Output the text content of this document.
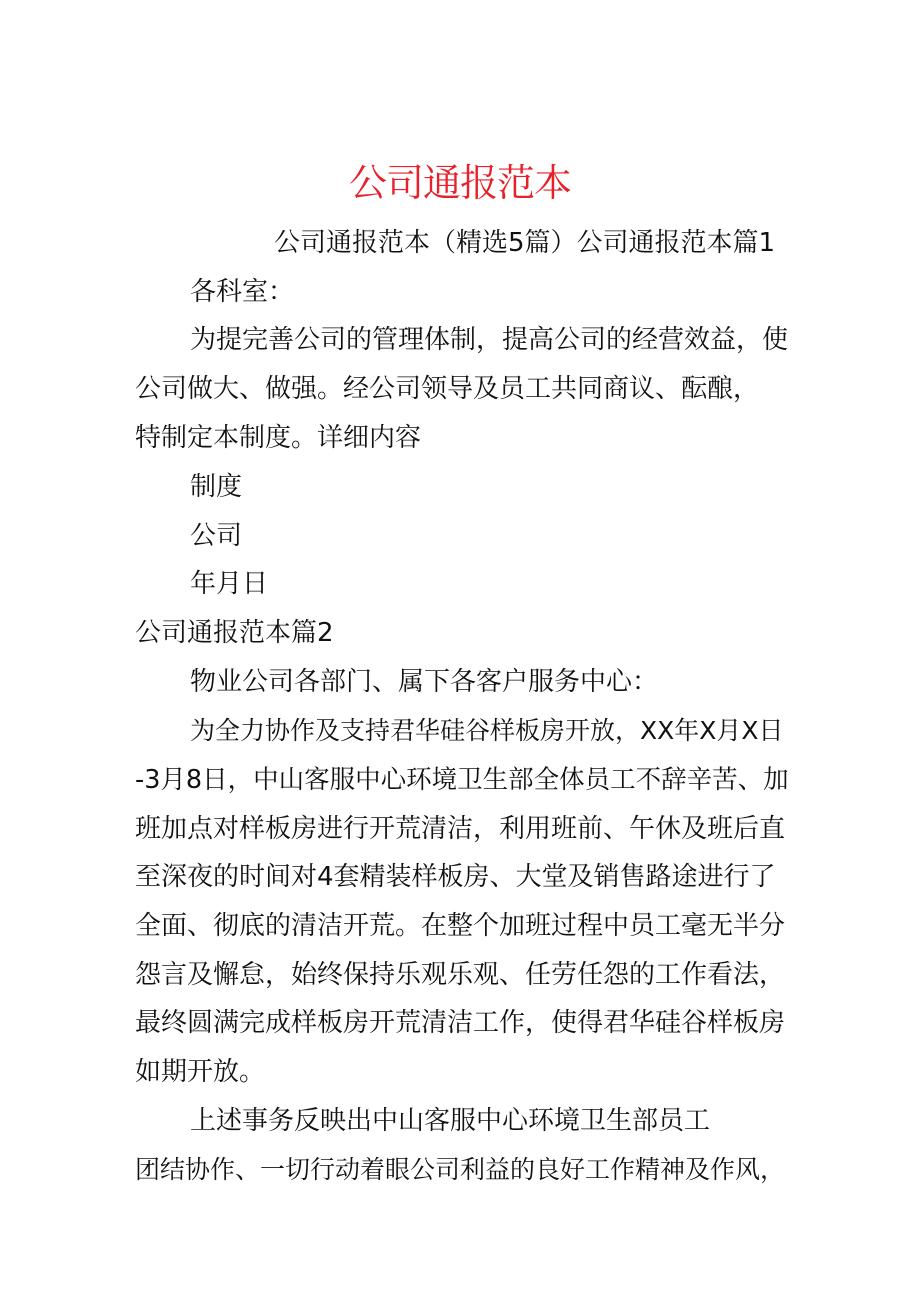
公司通报范本
公司通报范本（精选5篇）公司通报范本篇1
各科室：
为提完善公司的管理体制，提高公司的经营效益，使
公司做大、做强。经公司领导及员工共同商议、酝酿，
特制定本制度。详细内容
制度
公司
年月日
公司通报范本篇2
物业公司各部门、属下各客户服务中心：
为全力协作及支持君华硅谷样板房开放，XX年X月X日
-3月8日，中山客服中心环境卫生部全体员工不辞辛苦、加
班加点对样板房进行开荒清洁，利用班前、午休及班后直
至深夜的时间对4套精装样板房、大堂及销售路途进行了
全面、彻底的清洁开荒。在整个加班过程中员工毫无半分
怨言及懈怠，始终保持乐观乐观、任劳任怨的工作看法，
最终圆满完成样板房开荒清洁工作，使得君华硅谷样板房
如期开放。
上述事务反映出中山客服中心环境卫生部员工
团结协作、一切行动着眼公司利益的良好工作精神及作风，
